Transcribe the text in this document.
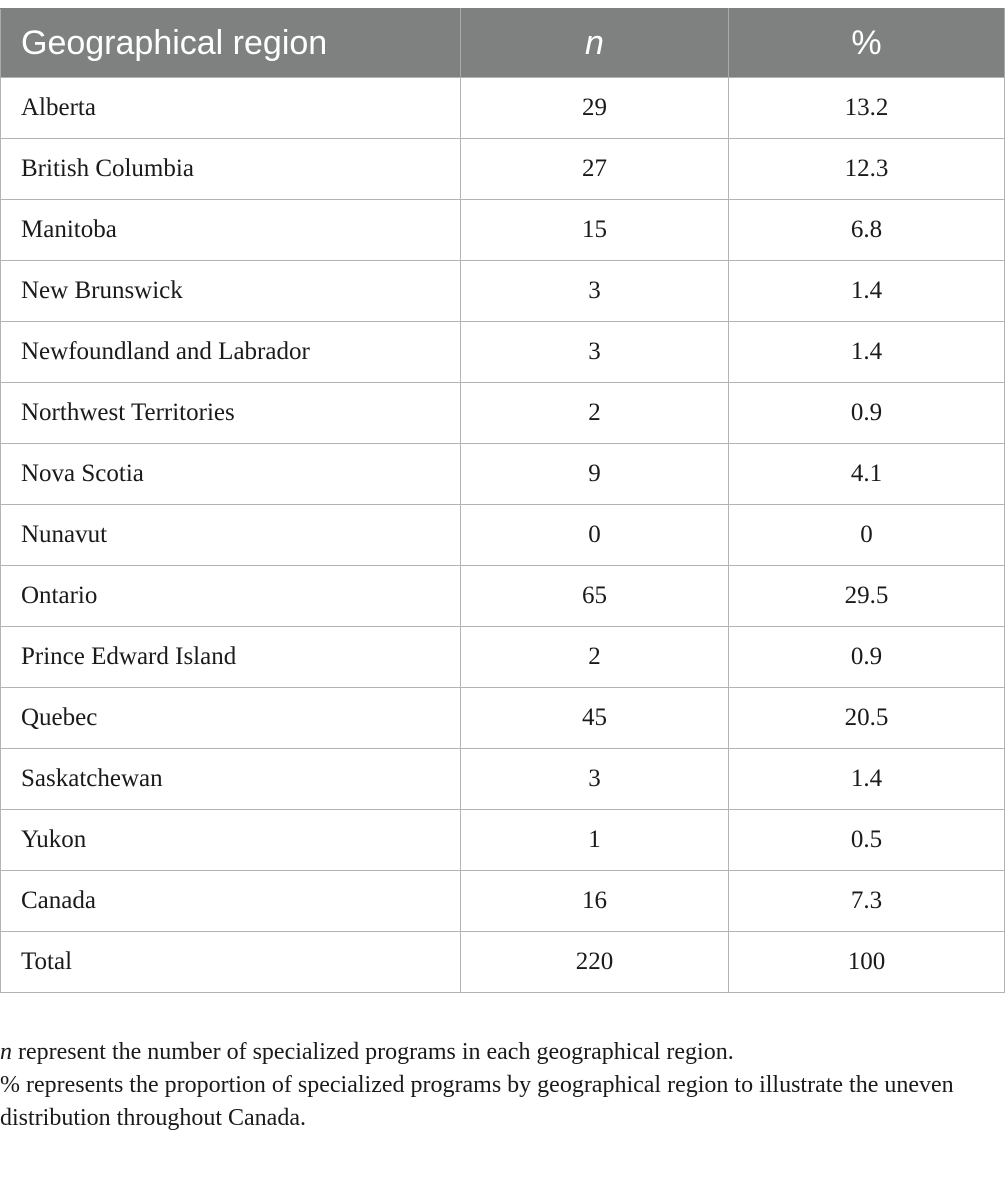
Geographical region	n	%
Alberta	29	13.2
British Columbia	27	12.3
Manitoba	15	6.8
New Brunswick	3	1.4
Newfoundland and Labrador	3	1.4
Northwest Territories	2	0.9
Nova Scotia	9	4.1
Nunavut	0	0
Ontario	65	29.5
Prince Edward Island	2	0.9
Quebec	45	20.5
Saskatchewan	3	1.4
Yukon	1	0.5
Canada	16	7.3
Total	220	100

n represent the number of specialized programs in each geographical region.

% represents the proportion of specialized programs by geographical region to illustrate the uneven distribution throughout Canada.
